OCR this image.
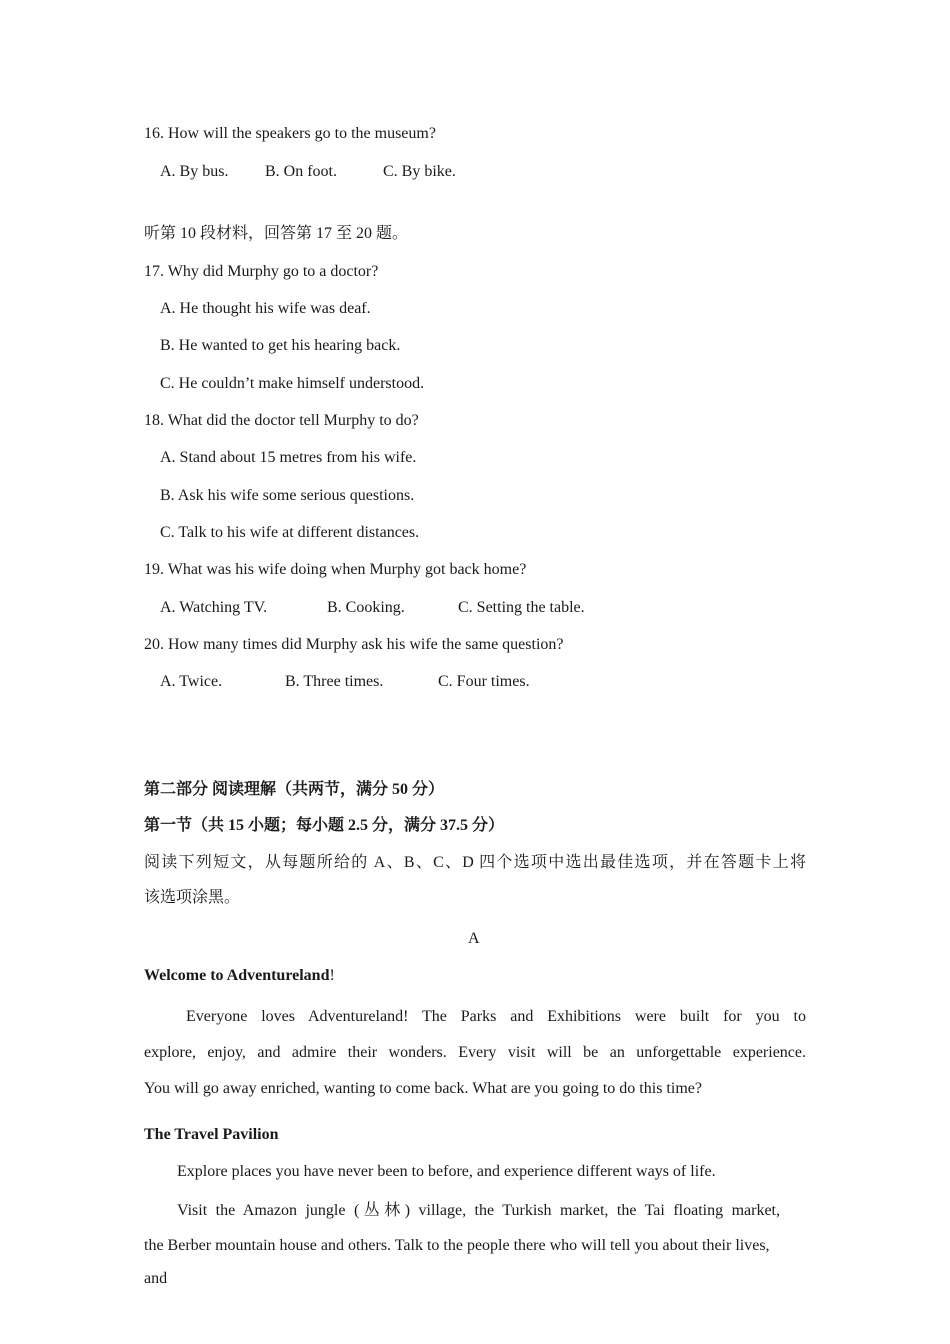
16. How will the speakers go to the museum?
A. By bus. B. On foot.	C. By bike.
听第 10 段材料，回答第 17 至 20 题。
17. Why did Murphy go to a doctor?
A. He thought his wife was deaf.
B. He wanted to get his hearing back.
C. He couldn’t make himself understood.
18. What did the doctor tell Murphy to do?
A. Stand about 15 metres from his wife.
B. Ask his wife some serious questions.
C. Talk to his wife at different distances.
19. What was his wife doing when Murphy got back home?
A. Watching TV.	B. Cooking.	C. Setting the table.
20. How many times did Murphy ask his wife the same question?
A. Twice.	B. Three times.	C. Four times.
第二部分 阅读理解（共两节，满分 50 分）
第一节（共 15 小题；每小题 2.5 分，满分 37.5 分）
阅读下列短文，从每题所给的 A、B、C、D 四个选项中选出最佳选项，并在答题卡上将
该选项涂黑。
A
Welcome to Adventureland!
Everyone loves Adventureland! The Parks and Exhibitions were built for you to
explore, enjoy, and admire their wonders. Every visit will be an unforgettable experience.
You will go away enriched, wanting to come back. What are you going to do this time?
The Travel Pavilion
Explore places you have never been to before, and experience different ways of life.
Visit the Amazon jungle (丛林) village, the Turkish market, the Tai floating market,
the Berber mountain house and others. Talk to the people there who will tell you about their lives,
and
